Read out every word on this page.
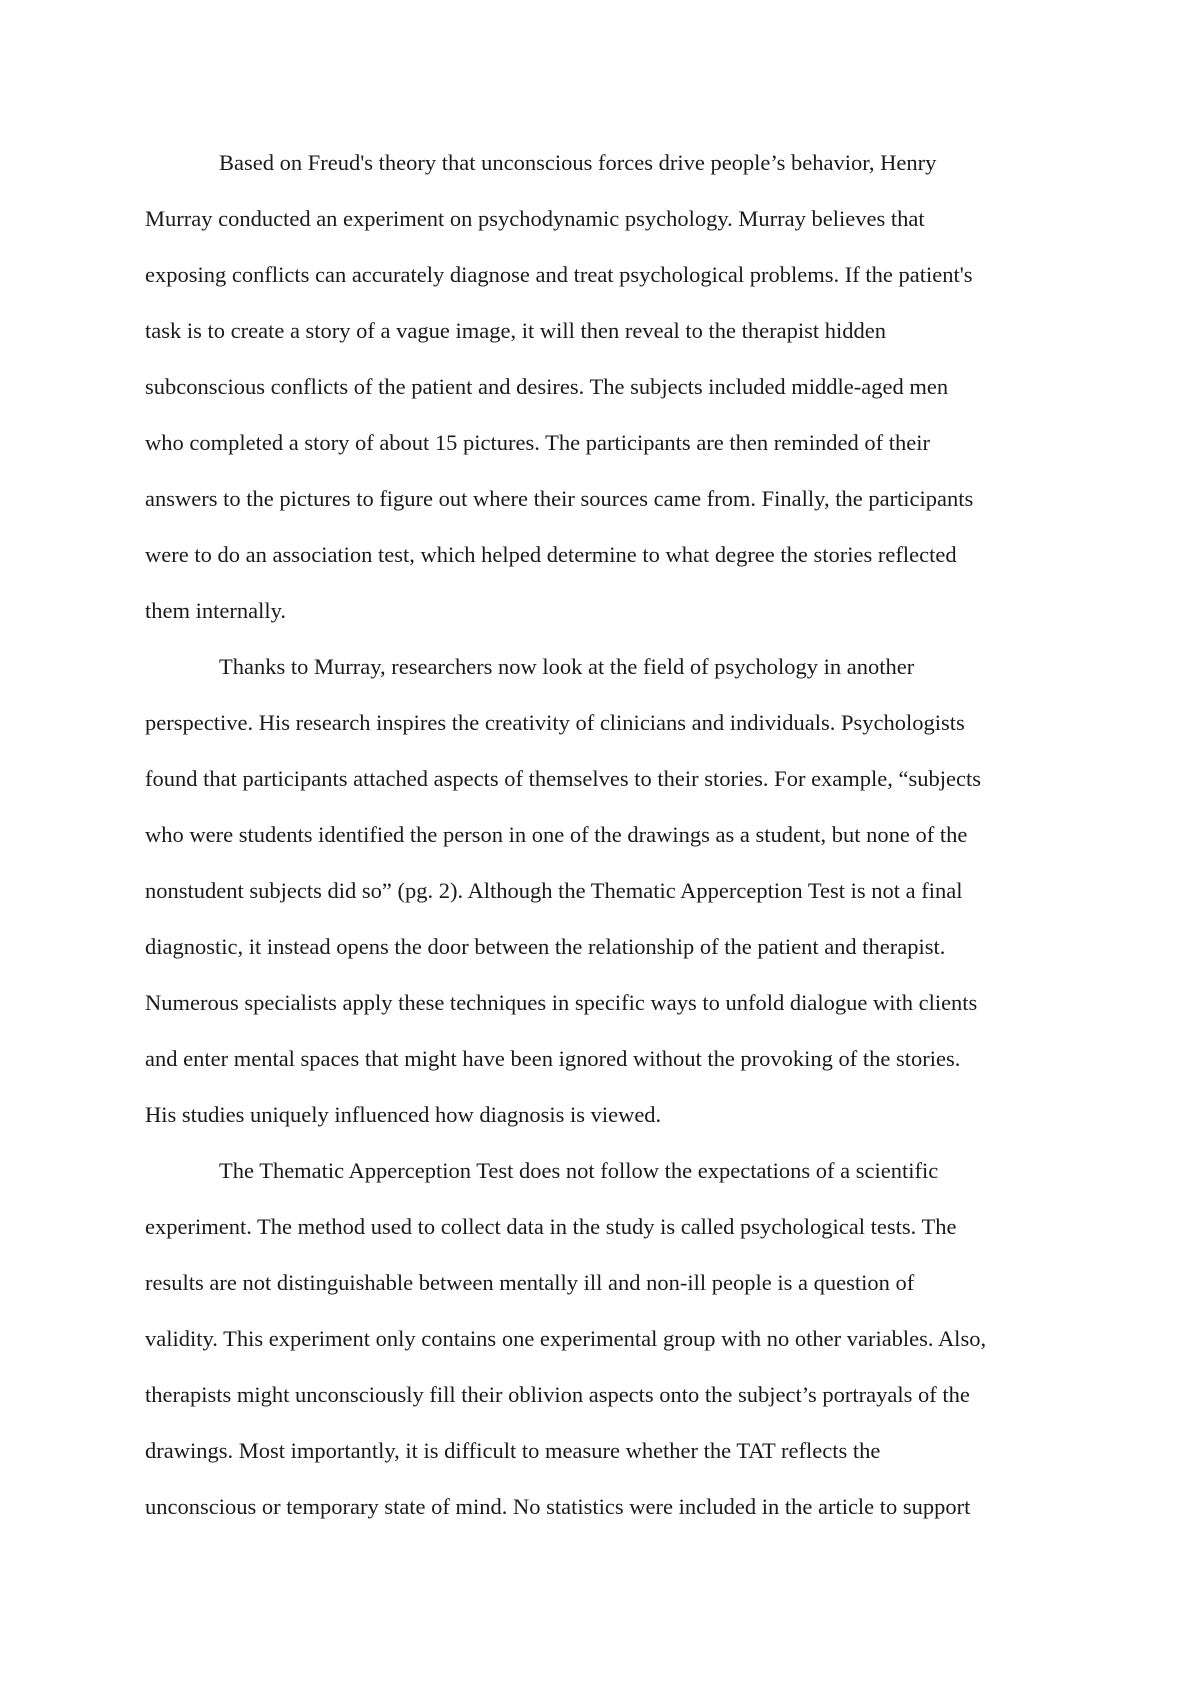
Based on Freud's theory that unconscious forces drive people’s behavior, Henry
Murray conducted an experiment on psychodynamic psychology. Murray believes that
exposing conflicts can accurately diagnose and treat psychological problems. If the patient's
task is to create a story of a vague image, it will then reveal to the therapist hidden
subconscious conflicts of the patient and desires. The subjects included middle-aged men
who completed a story of about 15 pictures. The participants are then reminded of their
answers to the pictures to figure out where their sources came from. Finally, the participants
were to do an association test, which helped determine to what degree the stories reflected
them internally.
Thanks to Murray, researchers now look at the field of psychology in another
perspective. His research inspires the creativity of clinicians and individuals. Psychologists
found that participants attached aspects of themselves to their stories. For example, “subjects
who were students identified the person in one of the drawings as a student, but none of the
nonstudent subjects did so” (pg. 2). Although the Thematic Apperception Test is not a final
diagnostic, it instead opens the door between the relationship of the patient and therapist.
Numerous specialists apply these techniques in specific ways to unfold dialogue with clients
and enter mental spaces that might have been ignored without the provoking of the stories.
His studies uniquely influenced how diagnosis is viewed.
The Thematic Apperception Test does not follow the expectations of a scientific
experiment. The method used to collect data in the study is called psychological tests. The
results are not distinguishable between mentally ill and non-ill people is a question of
validity. This experiment only contains one experimental group with no other variables. Also,
therapists might unconsciously fill their oblivion aspects onto the subject’s portrayals of the
drawings. Most importantly, it is difficult to measure whether the TAT reflects the
unconscious or temporary state of mind. No statistics were included in the article to support
